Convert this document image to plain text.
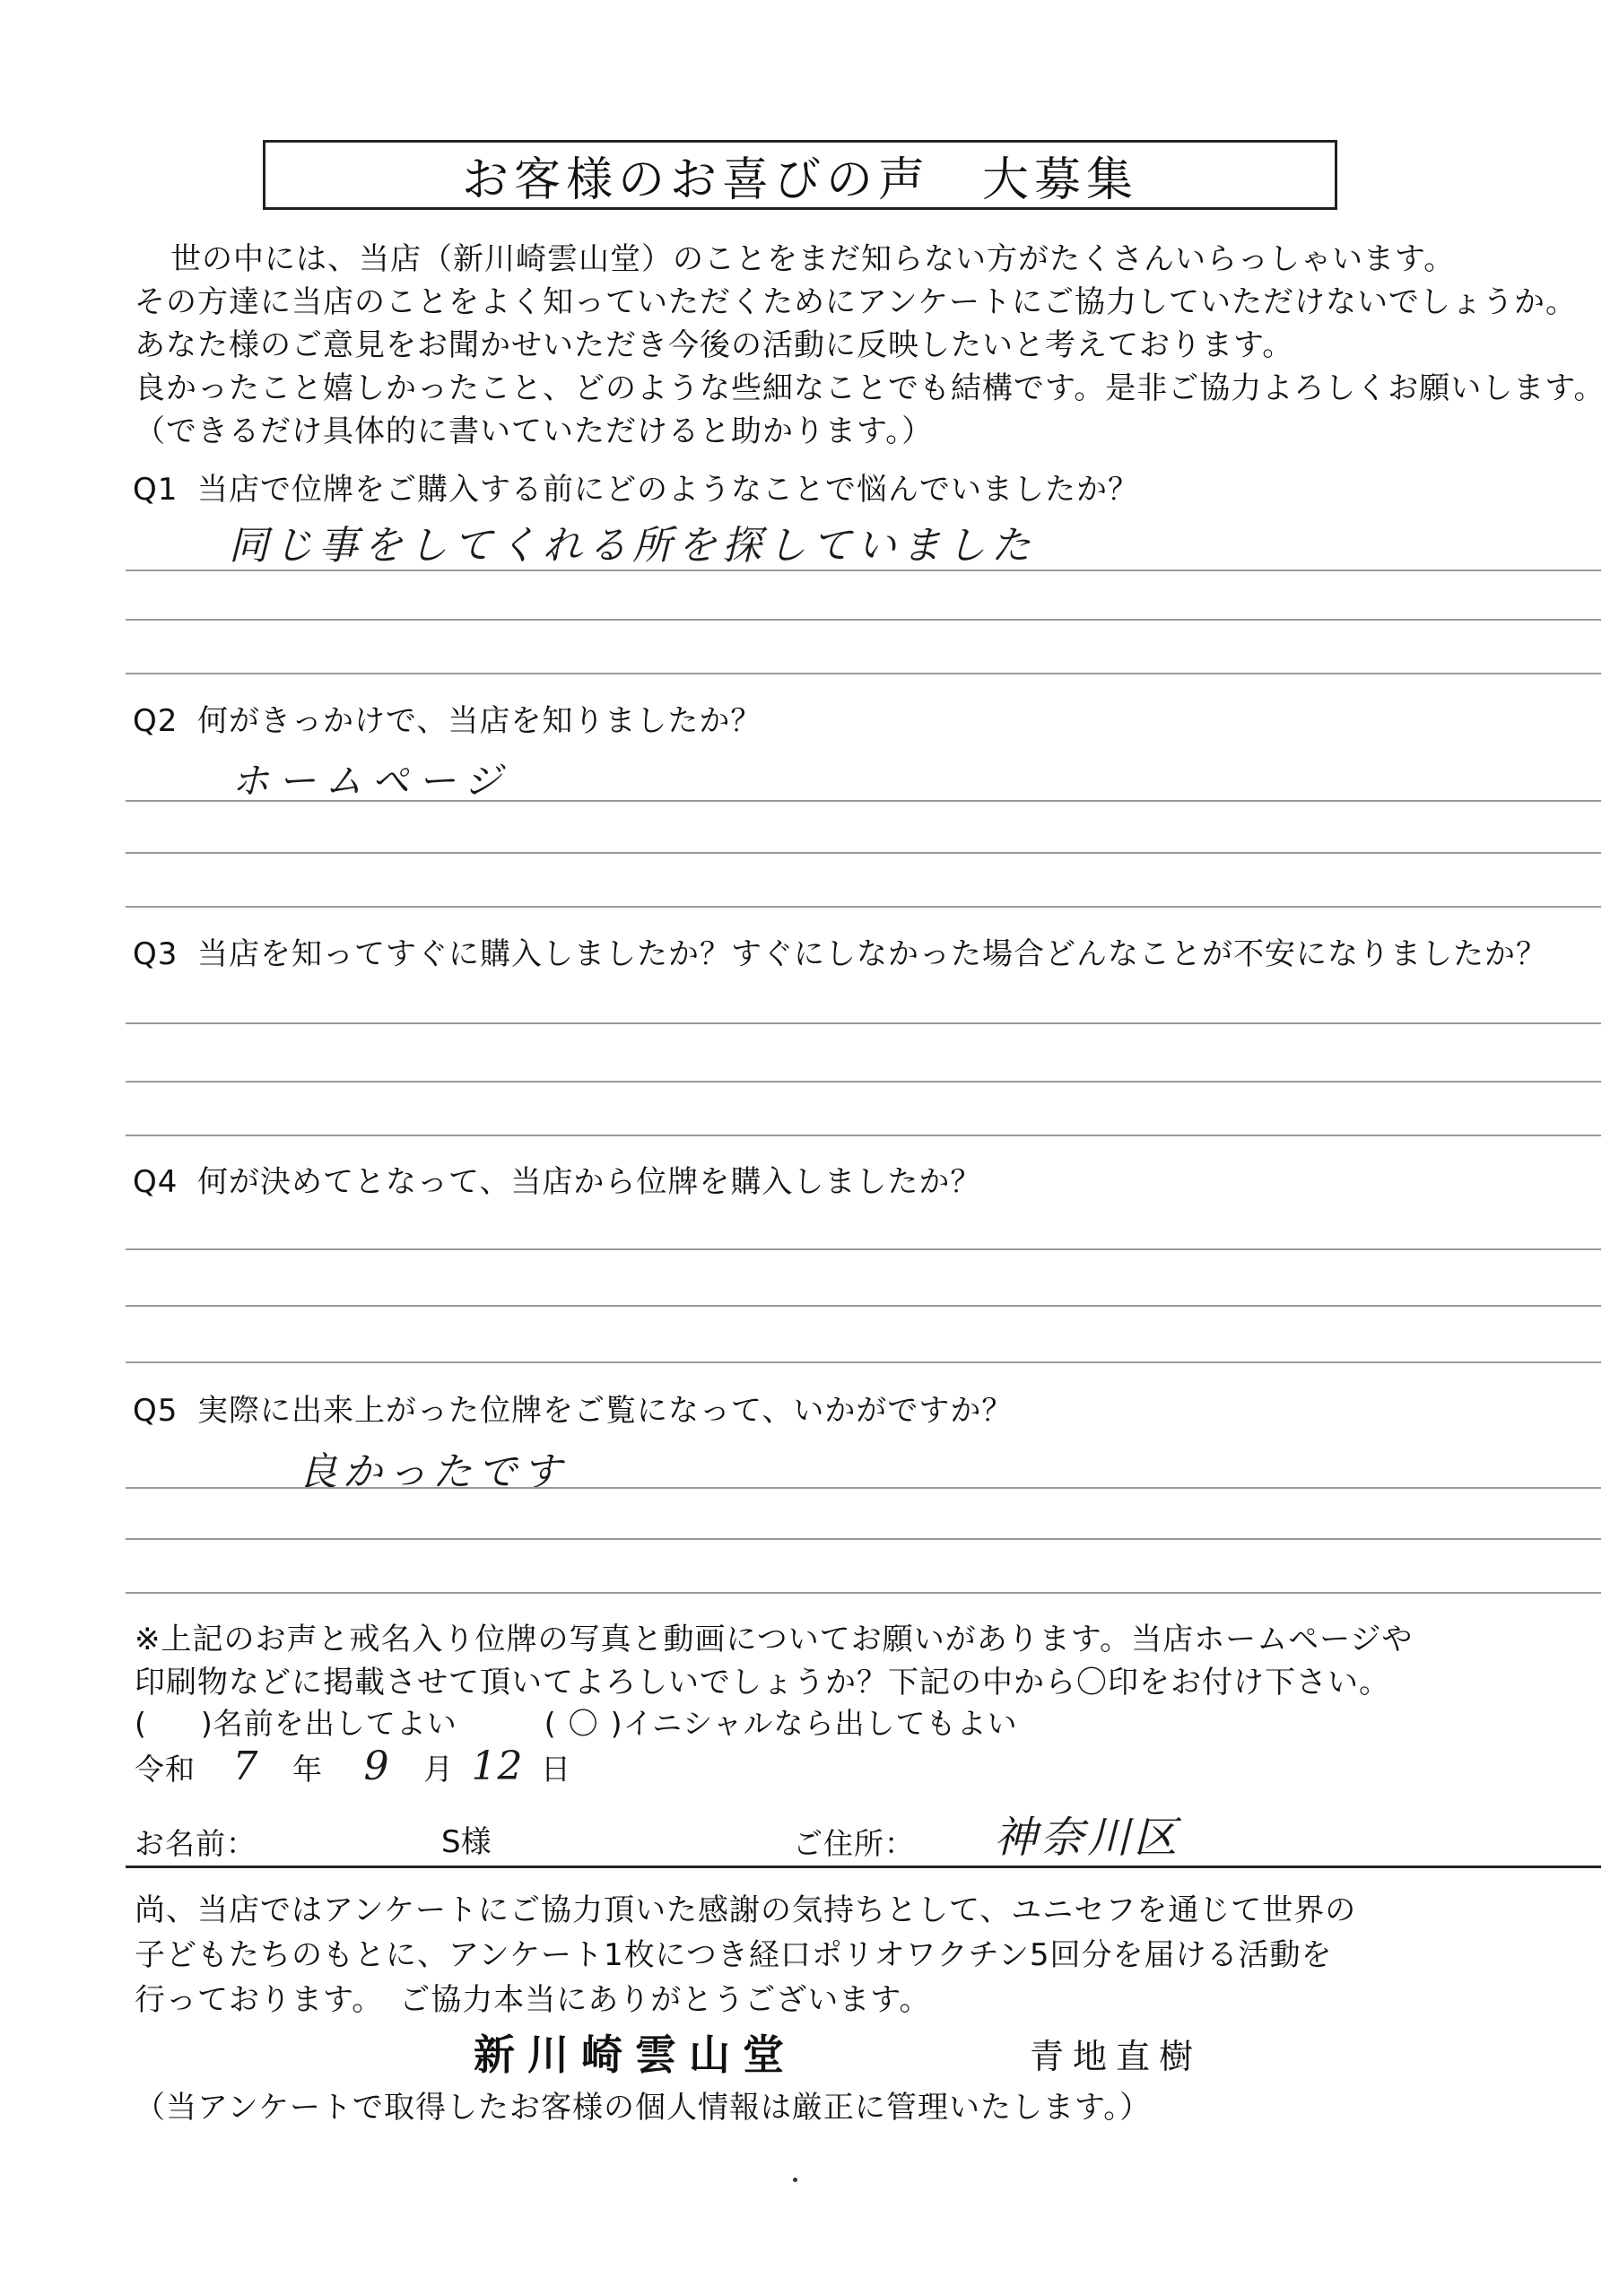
お客様のお喜びの声　大募集
世の中には、当店（新川崎雲山堂）のことをまだ知らない方がたくさんいらっしゃいます。
その方達に当店のことをよく知っていただくためにアンケートにご協力していただけないでしょうか。
あなた様のご意見をお聞かせいただき今後の活動に反映したいと考えております。
良かったこと嬉しかったこと、どのような些細なことでも結構です。是非ご協力よろしくお願いします。
（できるだけ具体的に書いていただけると助かります。）
Q1 当店で位牌をご購入する前にどのようなことで悩んでいましたか？
同じ事をしてくれる所を探していました
Q2 何がきっかけで、当店を知りましたか？
ホームページ
Q3 当店を知ってすぐに購入しましたか？すぐにしなかった場合どんなことが不安になりましたか？
Q4 何が決めてとなって、当店から位牌を購入しましたか？
Q5 実際に出来上がった位牌をご覧になって、いかがですか？
良かったです
※上記のお声と戒名入り位牌の写真と動画についてお願いがあります。当店ホームページや
印刷物などに掲載させて頂いてよろしいでしょうか？下記の中から〇印をお付け下さい。
( )名前を出してよい	( 〇 )イニシャルなら出してもよい
令和 7 年 9 月 12 日
お名前：	S様	ご住所： 神奈川区
尚、当店ではアンケートにご協力頂いた感謝の気持ちとして、ユニセフを通じて世界の
子どもたちのもとに、アンケート1枚につき経口ポリオワクチン5回分を届ける活動を
行っております。　ご協力本当にありがとうございます。
新川崎雲山堂	青地直樹
（当アンケートで取得したお客様の個人情報は厳正に管理いたします。）
